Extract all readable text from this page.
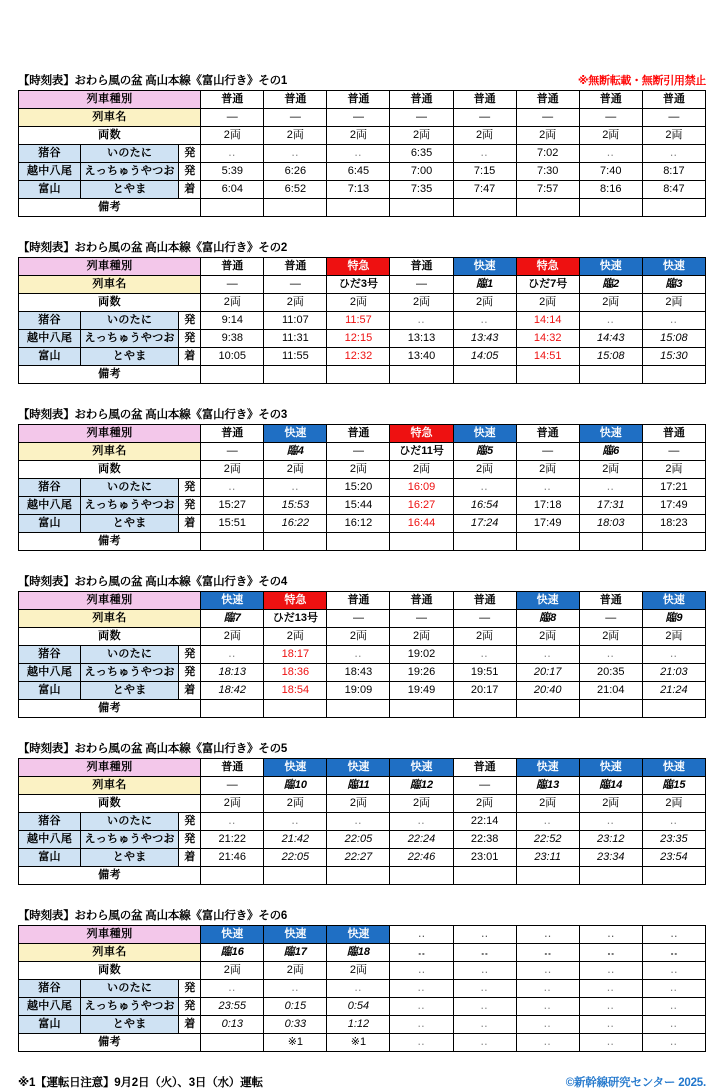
【時刻表】おわら風の盆 高山本線《富山行き》その1	※無断転載・無断引用禁止
列車種別			普通	普通	普通	普通	普通	普通	普通	普通
列車名			―	―	―	―	―	―	―	―
両数			2両	2両	2両	2両	2両	2両	2両	2両
猪谷	いのたに	発	‥	‥	‥	6:35	‥	7:02	‥	‥
越中八尾	えっちゅうやつお	発	5:39	6:26	6:45	7:00	7:15	7:30	7:40	8:17
富山	とやま	着	6:04	6:52	7:13	7:35	7:47	7:57	8:16	8:47
備考										
【時刻表】おわら風の盆 高山本線《富山行き》その2
列車種別			普通	普通	特急	普通	快速	特急	快速	快速
列車名			―	―	ひだ3号	―	臨1	ひだ7号	臨2	臨3
両数			2両	2両	2両	2両	2両	2両	2両	2両
猪谷	いのたに	発	9:14	11:07	11:57	‥	‥	14:14	‥	‥
越中八尾	えっちゅうやつお	発	9:38	11:31	12:15	13:13	13:43	14:32	14:43	15:08
富山	とやま	着	10:05	11:55	12:32	13:40	14:05	14:51	15:08	15:30
備考										
【時刻表】おわら風の盆 高山本線《富山行き》その3
列車種別			普通	快速	普通	特急	快速	普通	快速	普通
列車名			―	臨4	―	ひだ11号	臨5	―	臨6	―
両数			2両	2両	2両	2両	2両	2両	2両	2両
猪谷	いのたに	発	‥	‥	15:20	16:09	‥	‥	‥	17:21
越中八尾	えっちゅうやつお	発	15:27	15:53	15:44	16:27	16:54	17:18	17:31	17:49
富山	とやま	着	15:51	16:22	16:12	16:44	17:24	17:49	18:03	18:23
備考										
【時刻表】おわら風の盆 高山本線《富山行き》その4
列車種別			快速	特急	普通	普通	普通	快速	普通	快速
列車名			臨7	ひだ13号	―	―	―	臨8	―	臨9
両数			2両	2両	2両	2両	2両	2両	2両	2両
猪谷	いのたに	発	‥	18:17	‥	19:02	‥	‥	‥	‥
越中八尾	えっちゅうやつお	発	18:13	18:36	18:43	19:26	19:51	20:17	20:35	21:03
富山	とやま	着	18:42	18:54	19:09	19:49	20:17	20:40	21:04	21:24
備考										
【時刻表】おわら風の盆 高山本線《富山行き》その5
列車種別			普通	快速	快速	快速	普通	快速	快速	快速
列車名			―	臨10	臨11	臨12	―	臨13	臨14	臨15
両数			2両	2両	2両	2両	2両	2両	2両	2両
猪谷	いのたに	発	‥	‥	‥	‥	22:14	‥	‥	‥
越中八尾	えっちゅうやつお	発	21:22	21:42	22:05	22:24	22:38	22:52	23:12	23:35
富山	とやま	着	21:46	22:05	22:27	22:46	23:01	23:11	23:34	23:54
備考										
【時刻表】おわら風の盆 高山本線《富山行き》その6
列車種別			快速	快速	快速	‥	‥	‥	‥	‥
列車名			臨16	臨17	臨18	‥	‥	‥	‥	‥
両数			2両	2両	2両	‥	‥	‥	‥	‥
猪谷	いのたに	発	‥	‥	‥	‥	‥	‥	‥	‥
越中八尾	えっちゅうやつお	発	23:55	0:15	0:54	‥	‥	‥	‥	‥
富山	とやま	着	0:13	0:33	1:12	‥	‥	‥	‥	‥
備考				※1	※1	‥	‥	‥	‥	‥
※1【運転日注意】9月2日（火）、3日（水）運転	©新幹線研究センター 2025.
